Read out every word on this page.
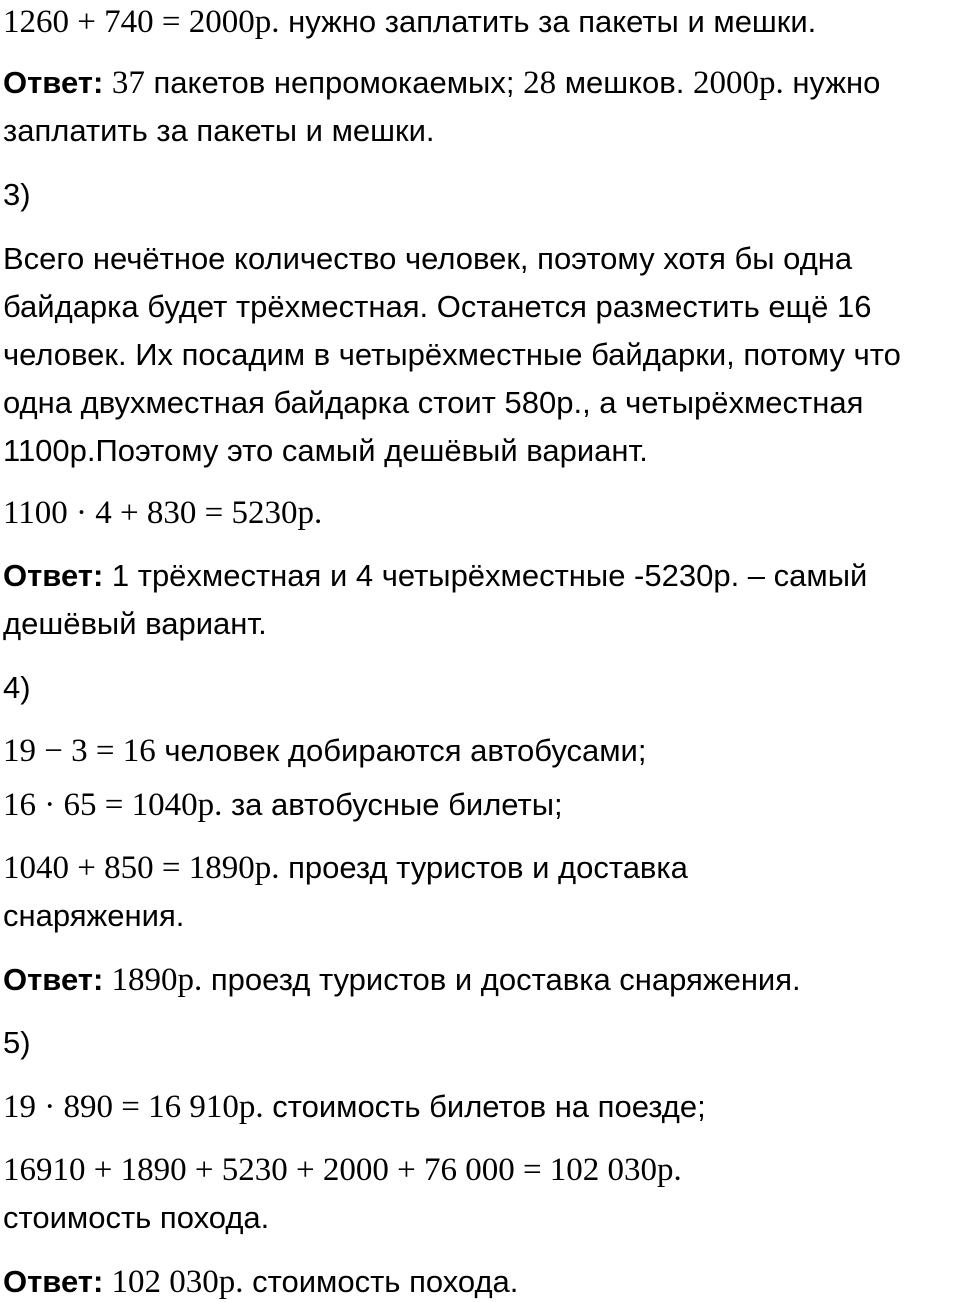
1260 + 740 = 2000р. нужно заплатить за пакеты и мешки.
Ответ: 37 пакетов непромокаемых; 28 мешков. 2000р. нужно
заплатить за пакеты и мешки.
3)
Всего нечётное количество человек, поэтому хотя бы одна
байдарка будет трёхместная. Останется разместить ещё 16
человек. Их посадим в четырёхместные байдарки, потому что
одна двухместная байдарка стоит 580р., а четырёхместная
1100р.Поэтому это самый дешёвый вариант.
1100 · 4 + 830 = 5230р.
Ответ: 1 трёхместная и 4 четырёхместные -5230р. – самый
дешёвый вариант.
4)
19 − 3 = 16 человек добираются автобусами;
16 · 65 = 1040р. за автобусные билеты;
1040 + 850 = 1890р. проезд туристов и доставка
снаряжения.
Ответ: 1890р. проезд туристов и доставка снаряжения.
5)
19 · 890 = 16 910р. стоимость билетов на поезде;
16910 + 1890 + 5230 + 2000 + 76 000 = 102 030р.
стоимость похода.
Ответ: 102 030р. стоимость похода.
